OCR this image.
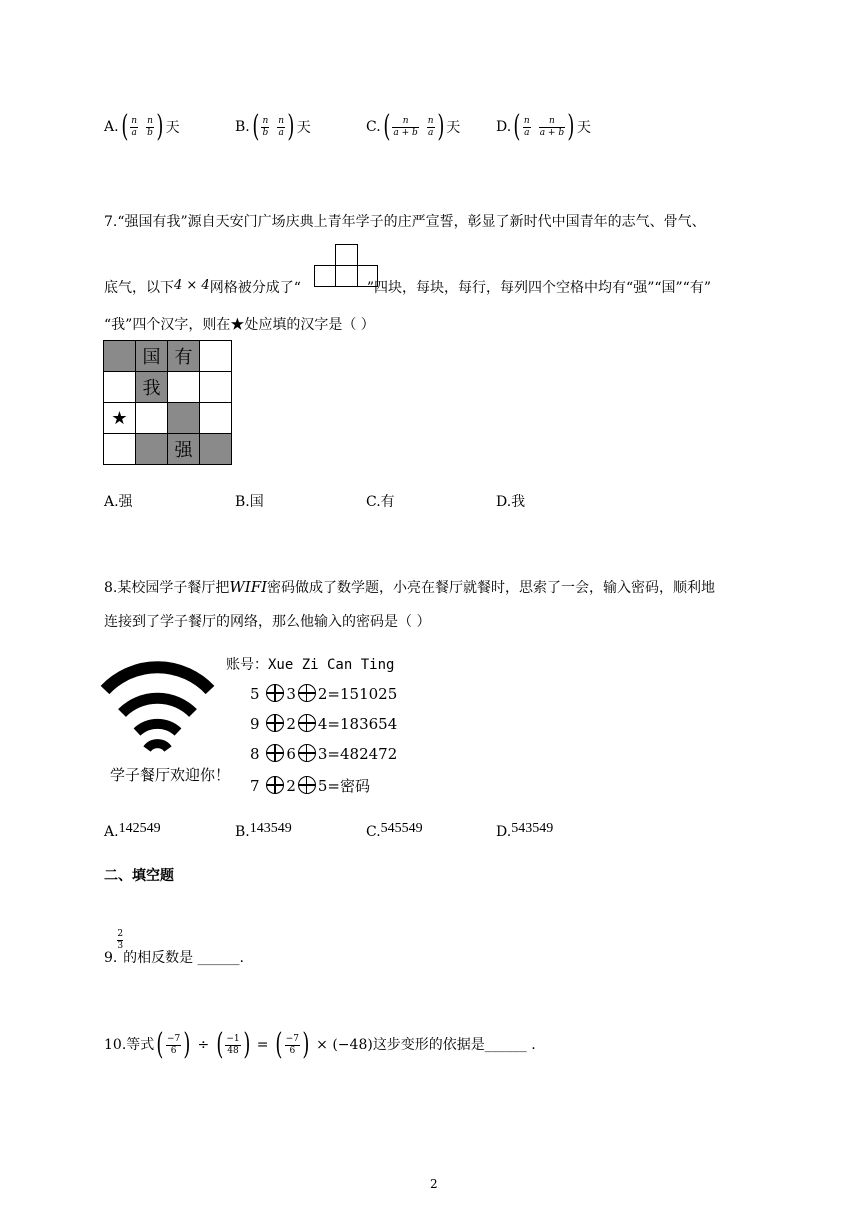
$A.( \frac{n}{a} \frac{n}{b}$ ) 天	$B.( \frac{n}{b} \frac{n}{a}$ ) 天	$C.( \frac{n}{a + b} \frac{n}{a}$ ) 天	$D.( \frac{n}{a} \frac{n}{a + b}$ ) 天
7.“强国有我”源自天安门广场庆典上青年学子的庄严宣誓，彰显了新时代中国青年的志气、骨气、
底气，以下4 × 4网格被分成了“	”四块，每块，每行，每列四个空格中均有“强”“国”“有”
“我”四个汉字，则在★处应填的汉字是（ ）
	国	有	
	我		
★			
		强	
A.强	B.国	C.有	D.我
8.某校园学子餐厅把WIFI密码做成了数学题，小亮在餐厅就餐时，思索了一会，输入密码，顺利地
连接到了学子餐厅的网络，那么他输入的密码是（ ）
学子餐厅欢迎你！
账号：Xue Zi Can Ting
5 3 2=151025
9 2 4=183654
8 6 3=482472
7 2 5=密码
A.142549	B.143549	C.545549	D.543549
二、填空题
9.
$\frac{2}{3}$
的相反数是 ______.
10.等式( $\frac{-7}{6}$ ) ÷ ( $\frac{-1}{48}$ ) = ( $\frac{-7}{6}$ ) × (−48)这步变形的依据是______ .
2
